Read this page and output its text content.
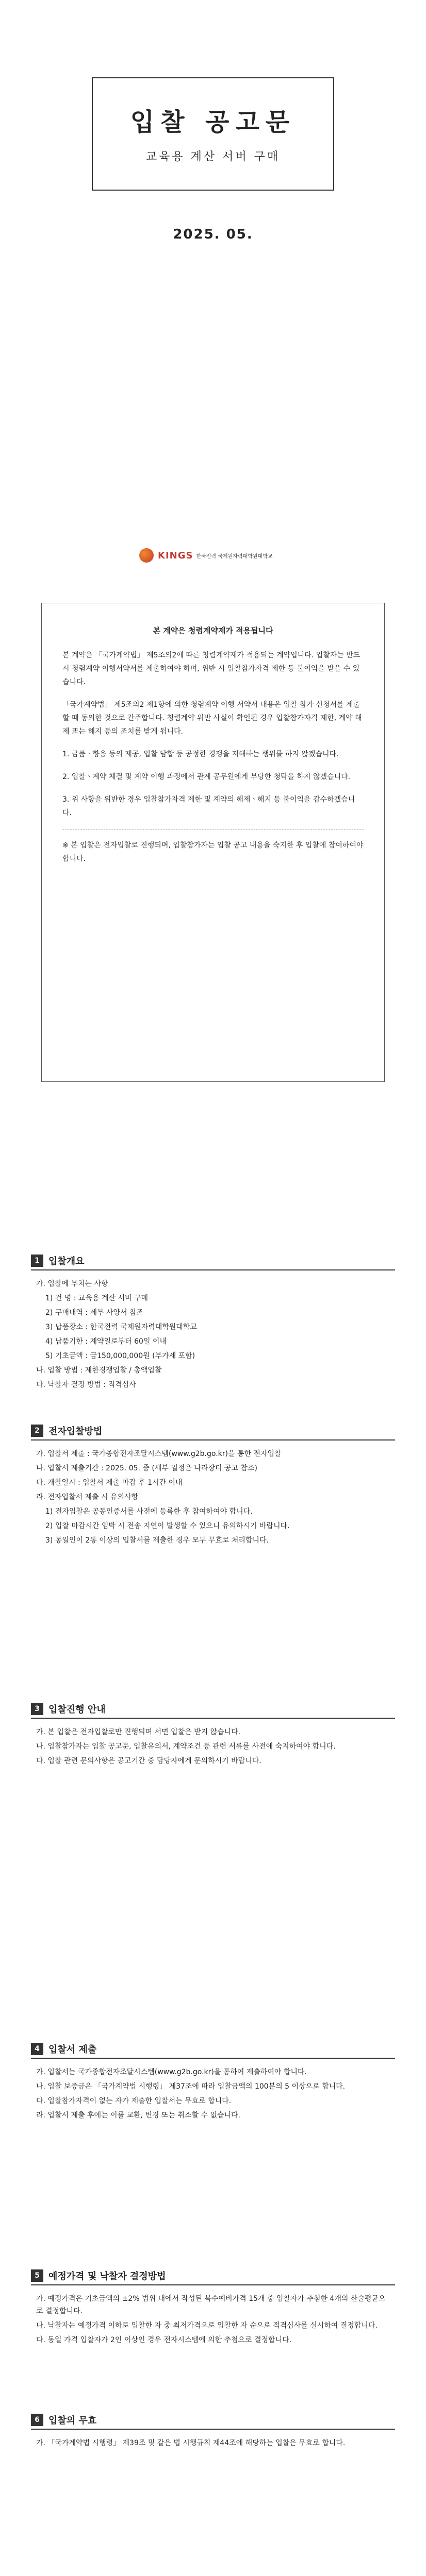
입찰 공고문
교육용 계산 서버 구매
2025. 05.
KINGS 한국전력 국제원자력대학원대학교
본 계약은 청렴계약제가 적용됩니다

본 계약은 「국가계약법」 제5조의2에 따른 청렴계약제가 적용되는 계약입니다. 입찰자는 반드시 청렴계약 이행서약서를 제출하여야 하며, 위반 시 입찰참가자격 제한 등 불이익을 받을 수 있습니다.

「국가계약법」 제5조의2 제1항에 의한 청렴계약 이행 서약서 내용은 입찰 참가 신청서를 제출할 때 동의한 것으로 간주합니다. 청렴계약 위반 사실이 확인된 경우 입찰참가자격 제한, 계약 해제 또는 해지 등의 조치를 받게 됩니다.

1. 금품ㆍ향응 등의 제공, 입찰 담합 등 공정한 경쟁을 저해하는 행위를 하지 않겠습니다.

2. 입찰ㆍ계약 체결 및 계약 이행 과정에서 관계 공무원에게 부당한 청탁을 하지 않겠습니다.

3. 위 사항을 위반한 경우 입찰참가자격 제한 및 계약의 해제ㆍ해지 등 불이익을 감수하겠습니다.

※ 본 입찰은 전자입찰로 진행되며, 입찰참가자는 입찰 공고 내용을 숙지한 후 입찰에 참여하여야 합니다.
1 입찰개요
가. 입찰에 부치는 사항
1) 건 명 : 교육용 계산 서버 구매
2) 구매내역 : 세부 사양서 참조
3) 납품장소 : 한국전력 국제원자력대학원대학교
4) 납품기한 : 계약일로부터 60일 이내
5) 기초금액 : 금150,000,000원 (부가세 포함)
나. 입찰 방법 : 제한경쟁입찰 / 총액입찰
다. 낙찰자 결정 방법 : 적격심사
2 전자입찰방법
가. 입찰서 제출 : 국가종합전자조달시스템(www.g2b.go.kr)을 통한 전자입찰
나. 입찰서 제출기간 : 2025. 05. 중 (세부 일정은 나라장터 공고 참조)
다. 개찰일시 : 입찰서 제출 마감 후 1시간 이내
라. 전자입찰서 제출 시 유의사항
1) 전자입찰은 공동인증서를 사전에 등록한 후 참여하여야 합니다.
2) 입찰 마감시간 임박 시 전송 지연이 발생할 수 있으니 유의하시기 바랍니다.
3) 동일인이 2통 이상의 입찰서를 제출한 경우 모두 무효로 처리합니다.
3 입찰진행 안내
가. 본 입찰은 전자입찰로만 진행되며 서면 입찰은 받지 않습니다.
나. 입찰참가자는 입찰 공고문, 입찰유의서, 계약조건 등 관련 서류를 사전에 숙지하여야 합니다.
다. 입찰 관련 문의사항은 공고기간 중 담당자에게 문의하시기 바랍니다.
4 입찰서 제출
가. 입찰서는 국가종합전자조달시스템(www.g2b.go.kr)을 통하여 제출하여야 합니다.
나. 입찰 보증금은 「국가계약법 시행령」 제37조에 따라 입찰금액의 100분의 5 이상으로 합니다.
다. 입찰참가자격이 없는 자가 제출한 입찰서는 무효로 합니다.
라. 입찰서 제출 후에는 이를 교환, 변경 또는 취소할 수 없습니다.
5 예정가격 및 낙찰자 결정방법
가. 예정가격은 기초금액의 ±2% 범위 내에서 작성된 복수예비가격 15개 중 입찰자가 추첨한 4개의 산술평균으로 결정합니다.
나. 낙찰자는 예정가격 이하로 입찰한 자 중 최저가격으로 입찰한 자 순으로 적격심사를 실시하여 결정합니다.
다. 동일 가격 입찰자가 2인 이상인 경우 전자시스템에 의한 추첨으로 결정합니다.
6 입찰의 무효
가. 「국가계약법 시행령」 제39조 및 같은 법 시행규칙 제44조에 해당하는 입찰은 무효로 합니다.
